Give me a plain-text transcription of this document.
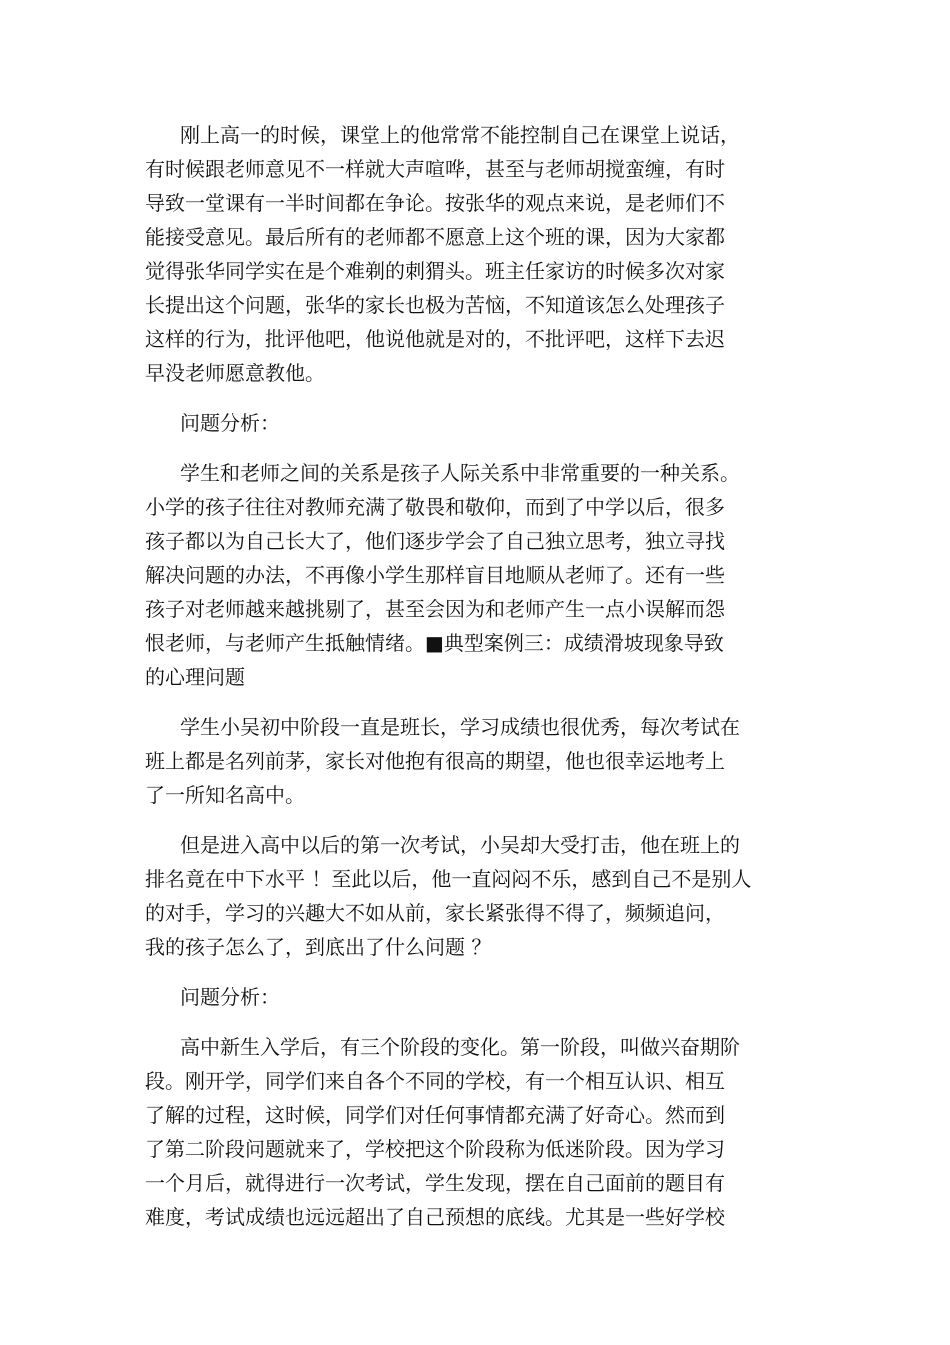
刚上高一的时候，课堂上的他常常不能控制自己在课堂上说话，
有时候跟老师意见不一样就大声喧哗，甚至与老师胡搅蛮缠，有时
导致一堂课有一半时间都在争论。按张华的观点来说，是老师们不
能接受意见。最后所有的老师都不愿意上这个班的课，因为大家都
觉得张华同学实在是个难剃的刺猬头。班主任家访的时候多次对家
长提出这个问题，张华的家长也极为苦恼，不知道该怎么处理孩子
这样的行为，批评他吧，他说他就是对的，不批评吧，这样下去迟
早没老师愿意教他。
问题分析：
学生和老师之间的关系是孩子人际关系中非常重要的一种关系。
小学的孩子往往对教师充满了敬畏和敬仰，而到了中学以后，很多
孩子都以为自己长大了，他们逐步学会了自己独立思考，独立寻找
解决问题的办法，不再像小学生那样盲目地顺从老师了。还有一些
孩子对老师越来越挑剔了，甚至会因为和老师产生一点小误解而怨
恨老师，与老师产生抵触情绪。■典型案例三：成绩滑坡现象导致
的心理问题
学生小吴初中阶段一直是班长，学习成绩也很优秀，每次考试在
班上都是名列前茅，家长对他抱有很高的期望，他也很幸运地考上
了一所知名高中。
但是进入高中以后的第一次考试，小吴却大受打击，他在班上的
排名竟在中下水平 ！至此以后，他一直闷闷不乐，感到自己不是别人
的对手，学习的兴趣大不如从前，家长紧张得不得了，频频追问，
我的孩子怎么了，到底出了什么问题 ？
问题分析：
高中新生入学后，有三个阶段的变化。第一阶段，叫做兴奋期阶
段。刚开学，同学们来自各个不同的学校，有一个相互认识、相互
了解的过程，这时候，同学们对任何事情都充满了好奇心。然而到
了第二阶段问题就来了，学校把这个阶段称为低迷阶段。因为学习
一个月后，就得进行一次考试，学生发现，摆在自己面前的题目有
难度，考试成绩也远远超出了自己预想的底线。尤其是一些好学校
